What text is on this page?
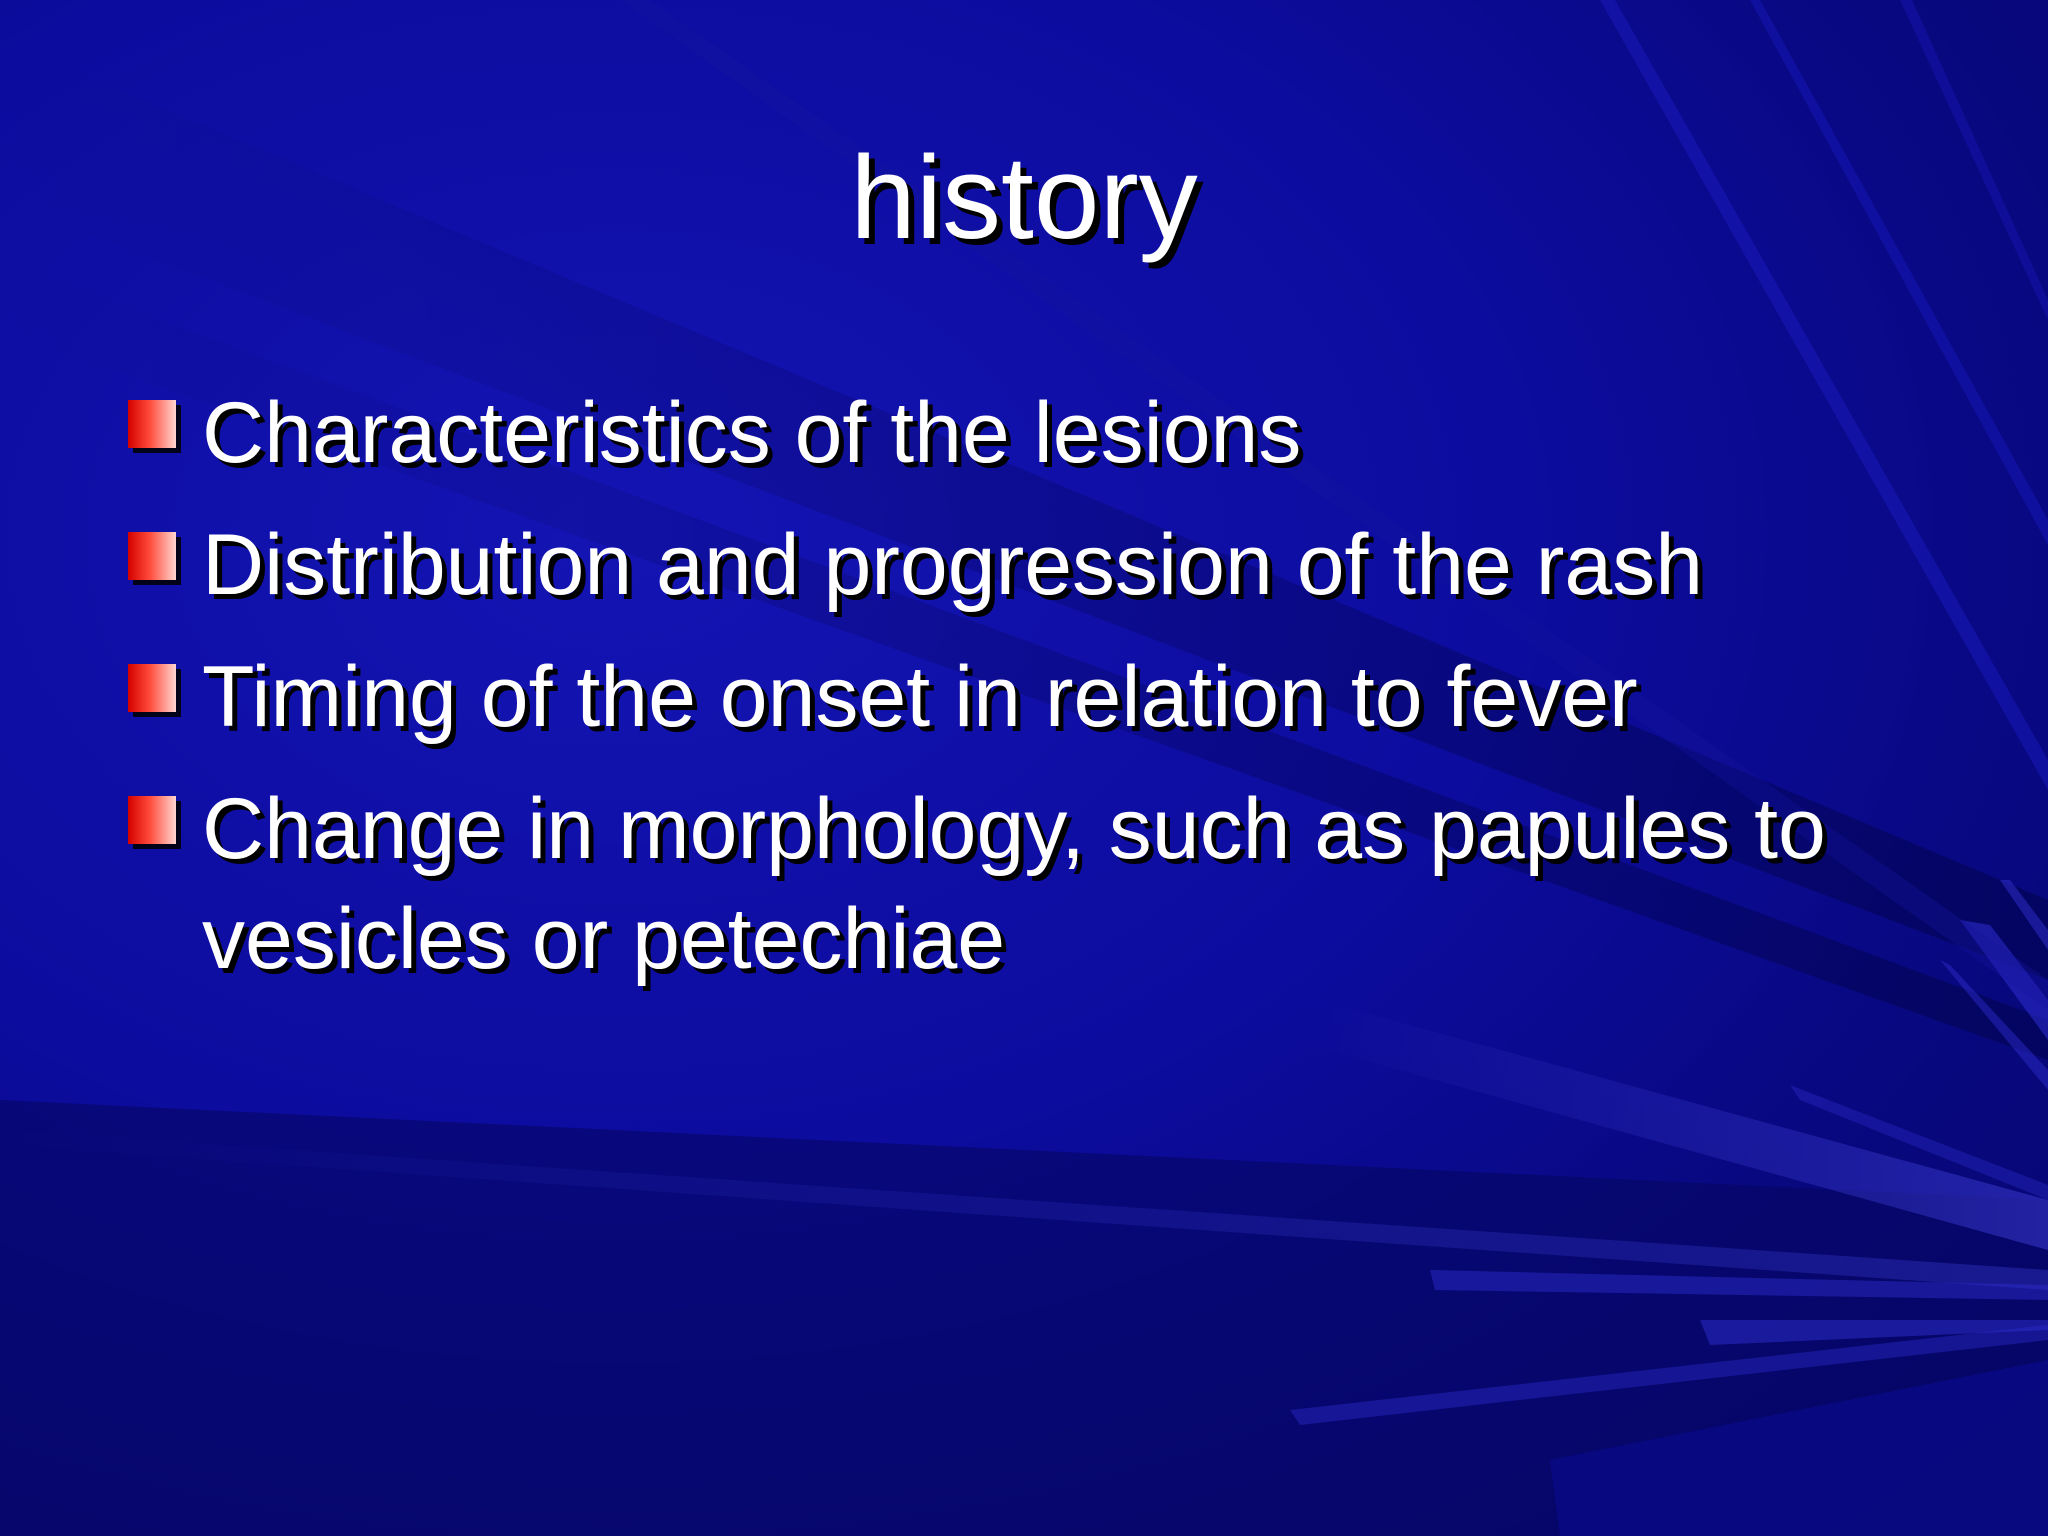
history
Characteristics of the lesions
Distribution and progression of the rash
Timing of the onset in relation to fever
Change in morphology, such as papules to vesicles or petechiae
